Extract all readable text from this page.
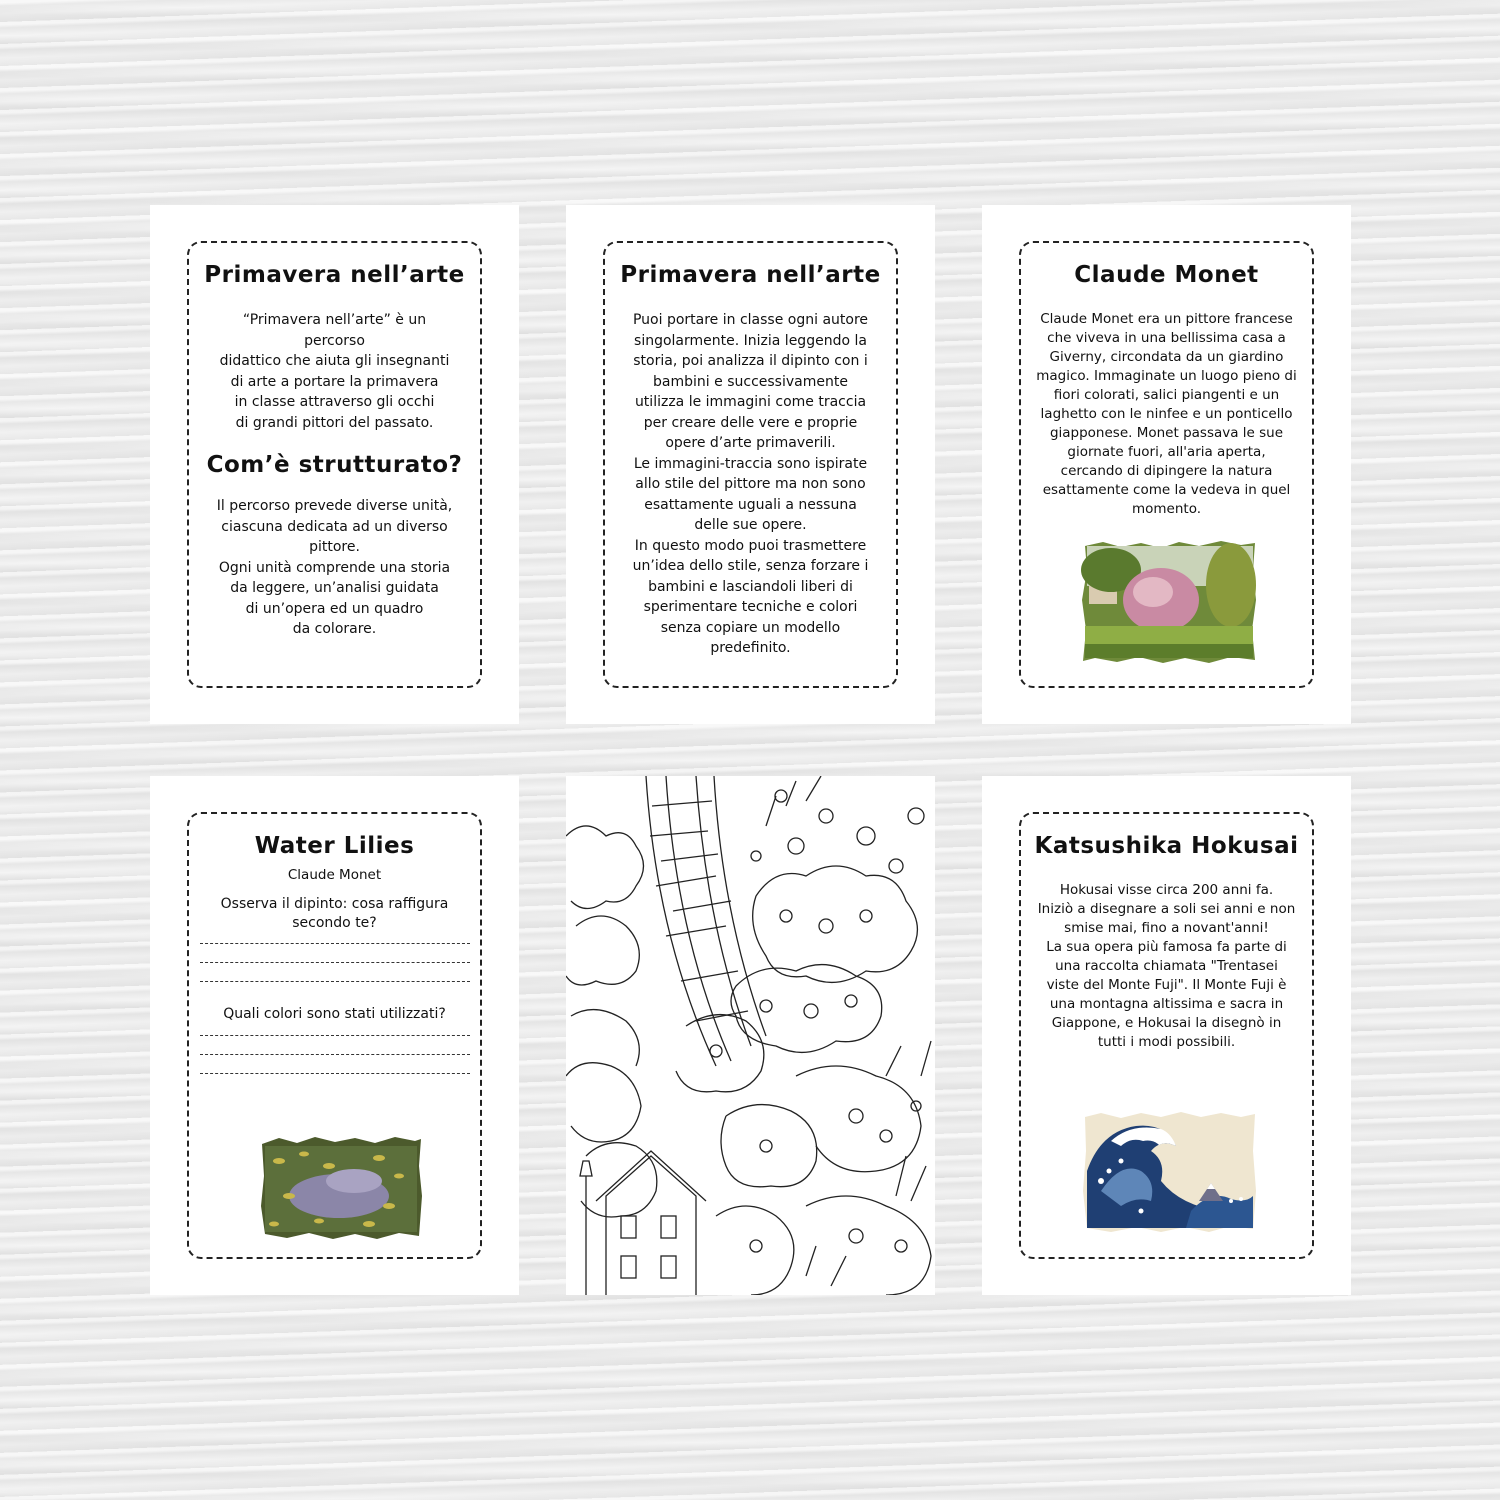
Primavera nell’arte

“Primavera nell’arte” è un
percorso
didattico che aiuta gli insegnanti
di arte a portare la primavera
in classe attraverso gli occhi
di grandi pittori del passato.

Com’è strutturato?

Il percorso prevede diverse unità,
ciascuna dedicata ad un diverso
pittore.
Ogni unità comprende una storia
da leggere, un’analisi guidata
di un’opera ed un quadro
da colorare.

Primavera nell’arte

Puoi portare in classe ogni autore
singolarmente. Inizia leggendo la
storia, poi analizza il dipinto con i
bambini e successivamente
utilizza le immagini come traccia
per creare delle vere e proprie
opere d’arte primaverili.
Le immagini-traccia sono ispirate
allo stile del pittore ma non sono
esattamente uguali a nessuna
delle sue opere.
In questo modo puoi trasmettere
un’idea dello stile, senza forzare i
bambini e lasciandoli liberi di
sperimentare tecniche e colori
senza copiare un modello
predefinito.

Claude Monet

Claude Monet era un pittore francese
che viveva in una bellissima casa a
Giverny, circondata da un giardino
magico. Immaginate un luogo pieno di
fiori colorati, salici piangenti e un
laghetto con le ninfee e un ponticello
giapponese. Monet passava le sue
giornate fuori, all'aria aperta,
cercando di dipingere la natura
esattamente come la vedeva in quel
momento.

Water Lilies

Claude Monet

Osserva il dipinto: cosa raffigura
secondo te?

Quali colori sono stati utilizzati?

Katsushika Hokusai

Hokusai visse circa 200 anni fa.
Iniziò a disegnare a soli sei anni e non
smise mai, fino a novant'anni!
La sua opera più famosa fa parte di
una raccolta chiamata "Trentasei
viste del Monte Fuji". Il Monte Fuji è
una montagna altissima e sacra in
Giappone, e Hokusai la disegnò in
tutti i modi possibili.
